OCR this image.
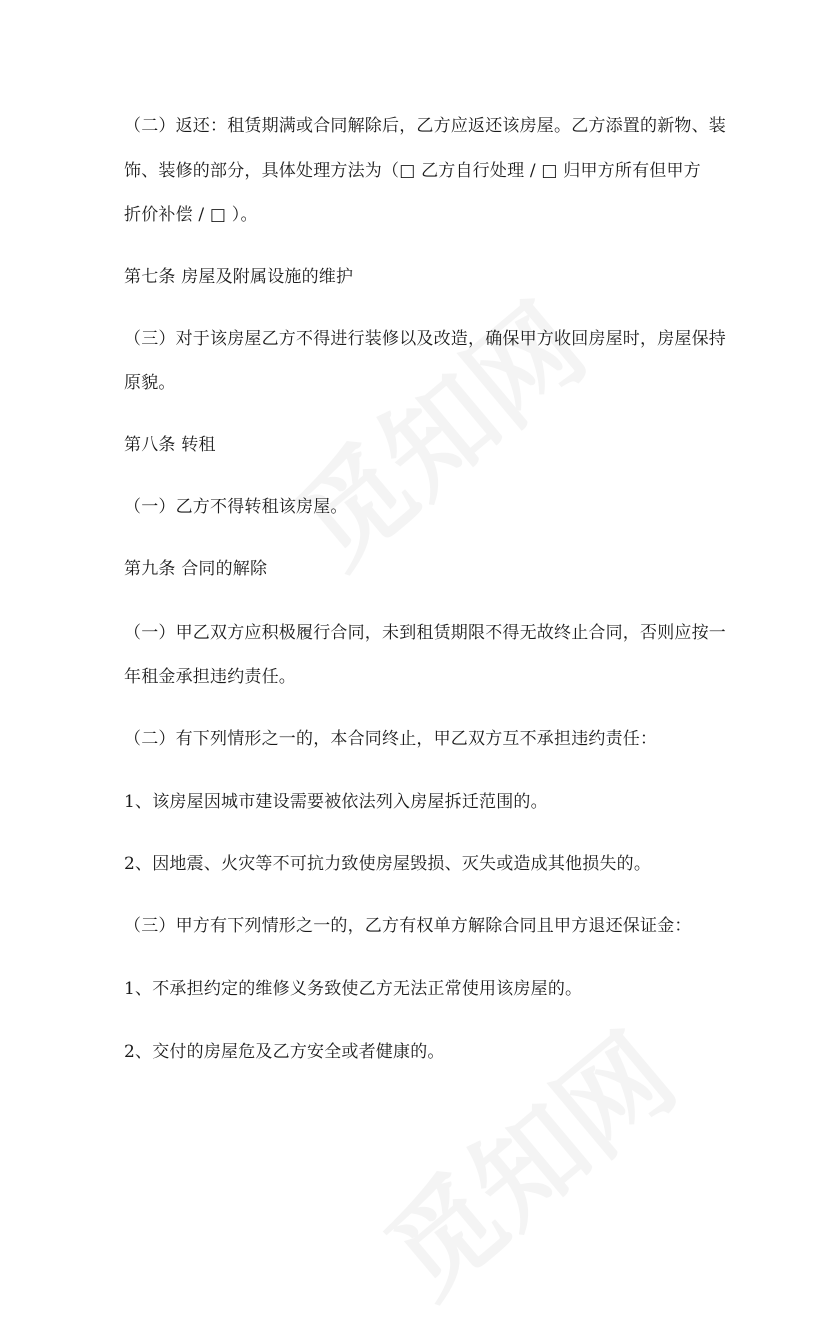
（二）返还：租赁期满或合同解除后，乙方应返还该房屋。乙方添置的新物、装
饰、装修的部分，具体处理方法为（□ 乙方自行处理 / □ 归甲方所有但甲方
折价补偿 / □ ）。
第七条 房屋及附属设施的维护
（三）对于该房屋乙方不得进行装修以及改造，确保甲方收回房屋时，房屋保持
原貌。
第八条 转租
（一）乙方不得转租该房屋。
第九条 合同的解除
（一）甲乙双方应积极履行合同，未到租赁期限不得无故终止合同，否则应按一
年租金承担违约责任。
（二）有下列情形之一的，本合同终止，甲乙双方互不承担违约责任：
1、该房屋因城市建设需要被依法列入房屋拆迁范围的。
2、因地震、火灾等不可抗力致使房屋毁损、灭失或造成其他损失的。
（三）甲方有下列情形之一的，乙方有权单方解除合同且甲方退还保证金：
1、不承担约定的维修义务致使乙方无法正常使用该房屋的。
2、交付的房屋危及乙方安全或者健康的。
